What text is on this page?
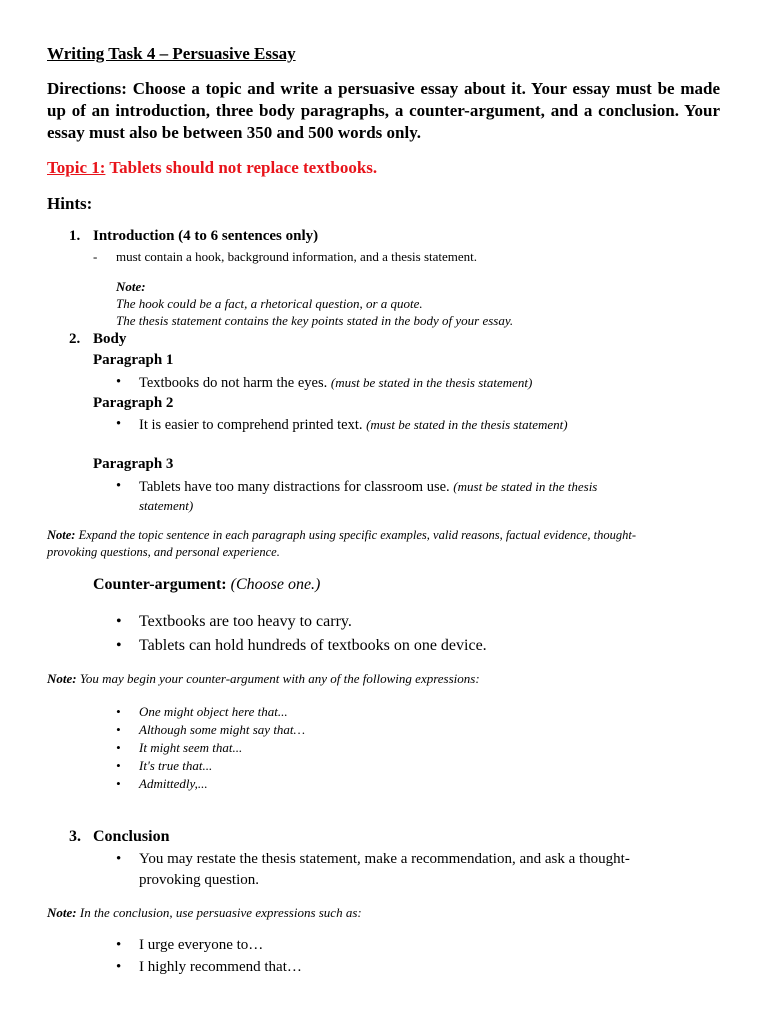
Writing Task 4 – Persuasive Essay
Directions: Choose a topic and write a persuasive essay about it. Your essay must be made up of an introduction, three body paragraphs, a counter-argument, and a conclusion. Your essay must also be between 350 and 500 words only.
Topic 1: Tablets should not replace textbooks.
Hints:
1. Introduction (4 to 6 sentences only)
- must contain a hook, background information, and a thesis statement.
Note:
The hook could be a fact, a rhetorical question, or a quote.
The thesis statement contains the key points stated in the body of your essay.
2. Body
Paragraph 1
• Textbooks do not harm the eyes. (must be stated in the thesis statement)
Paragraph 2
• It is easier to comprehend printed text. (must be stated in the thesis statement)
Paragraph 3
• Tablets have too many distractions for classroom use. (must be stated in the thesis
statement)
Note: Expand the topic sentence in each paragraph using specific examples, valid reasons, factual evidence, thought-
provoking questions, and personal experience.
Counter-argument: (Choose one.)
• Textbooks are too heavy to carry.
• Tablets can hold hundreds of textbooks on one device.
Note: You may begin your counter-argument with any of the following expressions:
• One might object here that...
• Although some might say that…
• It might seem that...
• It's true that...
• Admittedly,...
3. Conclusion
• You may restate the thesis statement, make a recommendation, and ask a thought-
provoking question.
Note: In the conclusion, use persuasive expressions such as:
• I urge everyone to…
• I highly recommend that…
